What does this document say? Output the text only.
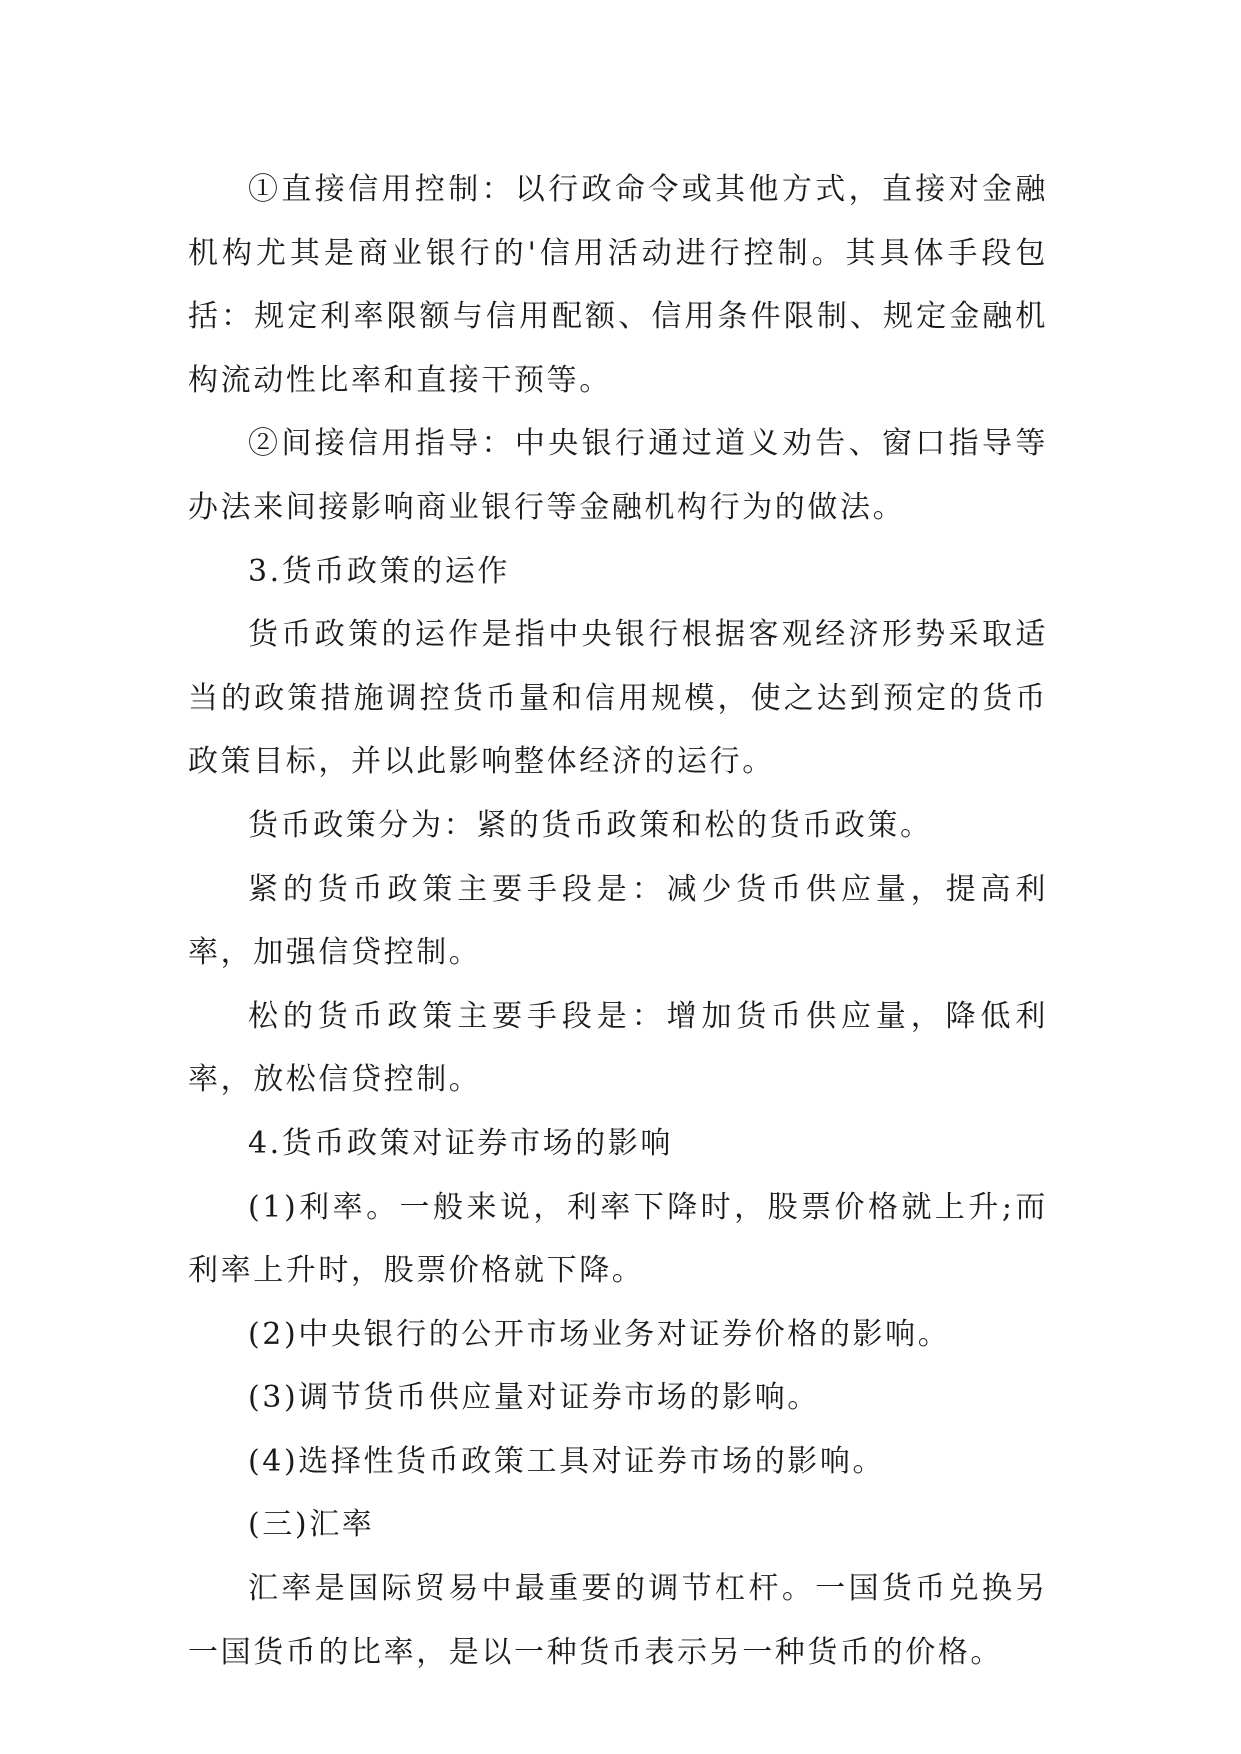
①直接信用控制：以行政命令或其他方式，直接对金融机构尤其是商业银行的'信用活动进行控制。其具体手段包括：规定利率限额与信用配额、信用条件限制、规定金融机构流动性比率和直接干预等。

②间接信用指导：中央银行通过道义劝告、窗口指导等办法来间接影响商业银行等金融机构行为的做法。

3.货币政策的运作

货币政策的运作是指中央银行根据客观经济形势采取适当的政策措施调控货币量和信用规模，使之达到预定的货币政策目标，并以此影响整体经济的运行。

货币政策分为：紧的货币政策和松的货币政策。

紧的货币政策主要手段是：减少货币供应量，提高利率，加强信贷控制。

松的货币政策主要手段是：增加货币供应量，降低利率，放松信贷控制。

4.货币政策对证券市场的影响

(1)利率。一般来说，利率下降时，股票价格就上升;而利率上升时，股票价格就下降。

(2)中央银行的公开市场业务对证券价格的影响。

(3)调节货币供应量对证券市场的影响。

(4)选择性货币政策工具对证券市场的影响。

(三)汇率

汇率是国际贸易中最重要的调节杠杆。一国货币兑换另一国货币的比率，是以一种货币表示另一种货币的价格。
